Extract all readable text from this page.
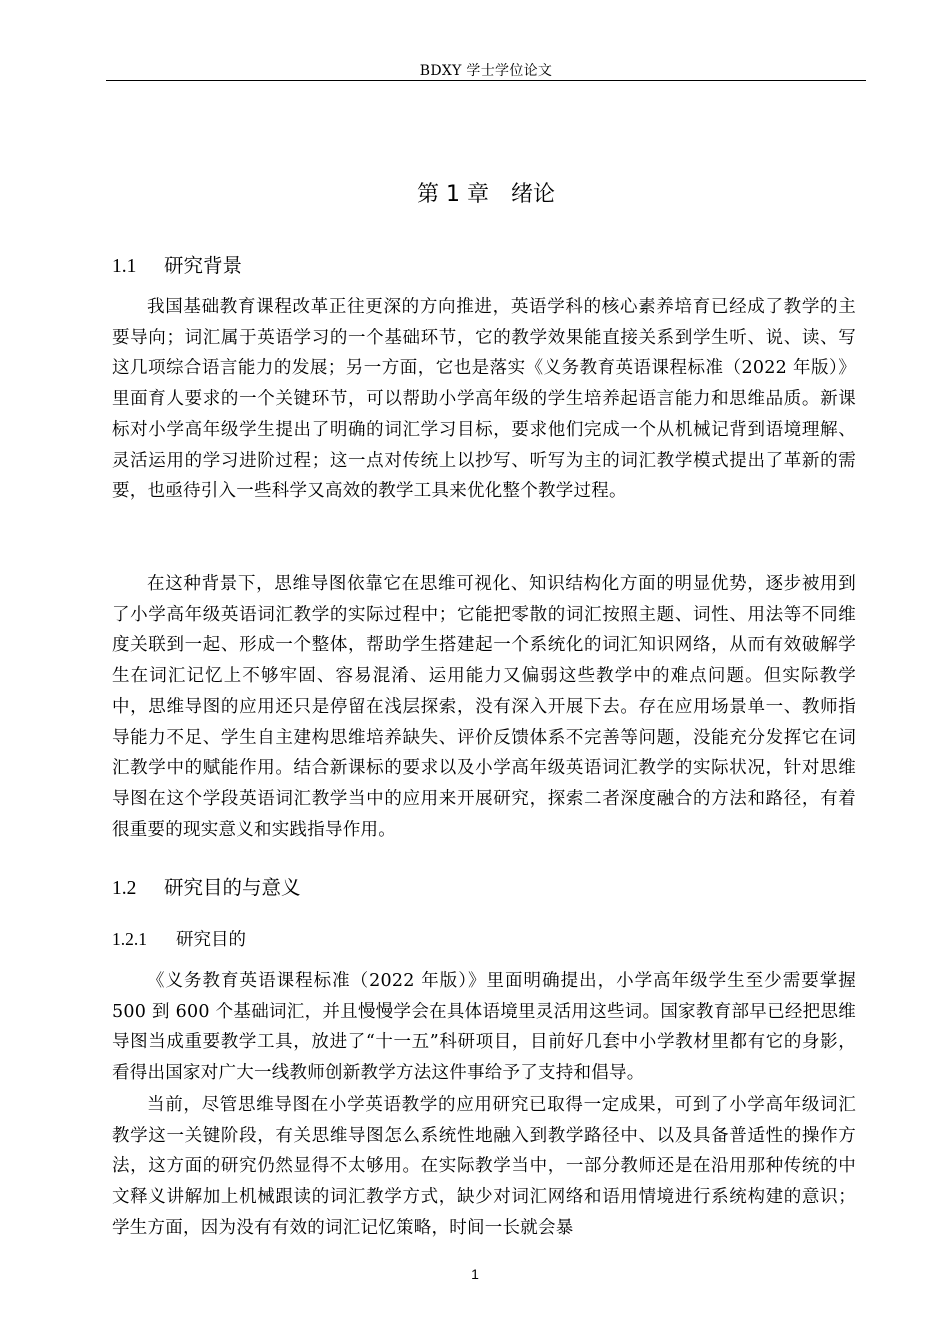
BDXY 学士学位论文
第 1 章 绪论
1.1 研究背景

我国基础教育课程改革正往更深的方向推进，英语学科的核心素养培育已经成了教学的主要导向；词汇属于英语学习的一个基础环节，它的教学效果能直接关系到学生听、说、读、写这几项综合语言能力的发展；另一方面，它也是落实《义务教育英语课程标准（2022 年版）》里面育人要求的一个关键环节，可以帮助小学高年级的学生培养起语言能力和思维品质。新课标对小学高年级学生提出了明确的词汇学习目标，要求他们完成一个从机械记背到语境理解、灵活运用的学习进阶过程；这一点对传统上以抄写、听写为主的词汇教学模式提出了革新的需要，也亟待引入一些科学又高效的教学工具来优化整个教学过程。

在这种背景下，思维导图依靠它在思维可视化、知识结构化方面的明显优势，逐步被用到了小学高年级英语词汇教学的实际过程中；它能把零散的词汇按照主题、词性、用法等不同维度关联到一起、形成一个整体，帮助学生搭建起一个系统化的词汇知识网络，从而有效破解学生在词汇记忆上不够牢固、容易混淆、运用能力又偏弱这些教学中的难点问题。但实际教学中，思维导图的应用还只是停留在浅层探索，没有深入开展下去。存在应用场景单一、教师指导能力不足、学生自主建构思维培养缺失、评价反馈体系不完善等问题，没能充分发挥它在词汇教学中的赋能作用。结合新课标的要求以及小学高年级英语词汇教学的实际状况，针对思维导图在这个学段英语词汇教学当中的应用来开展研究，探索二者深度融合的方法和路径，有着很重要的现实意义和实践指导作用。

1.2 研究目的与意义
1.2.1 研究目的

《义务教育英语课程标准（2022 年版）》里面明确提出，小学高年级学生至少需要掌握 500 到 600 个基础词汇，并且慢慢学会在具体语境里灵活用这些词。国家教育部早已经把思维导图当成重要教学工具，放进了“十一五”科研项目，目前好几套中小学教材里都有它的身影，看得出国家对广大一线教师创新教学方法这件事给予了支持和倡导。

当前，尽管思维导图在小学英语教学的应用研究已取得一定成果，可到了小学高年级词汇教学这一关键阶段，有关思维导图怎么系统性地融入到教学路径中、以及具备普适性的操作方法，这方面的研究仍然显得不太够用。在实际教学当中，一部分教师还是在沿用那种传统的中文释义讲解加上机械跟读的词汇教学方式，缺少对词汇网络和语用情境进行系统构建的意识；学生方面，因为没有有效的词汇记忆策略，时间一长就会暴

1
